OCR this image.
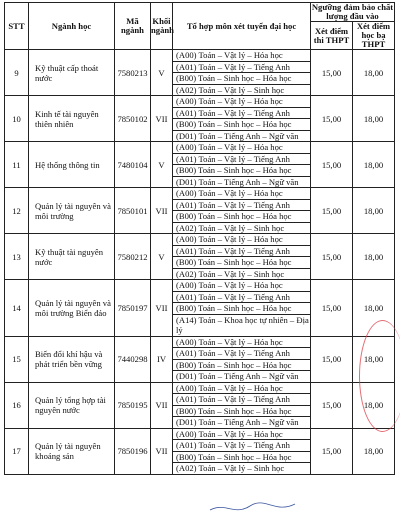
STT	Ngành học	Mã ngành	Khối ngành	Tổ hợp môn xét tuyển đại học	Ngưỡng đảm bảo chất lượng đầu vào	
					Xét điểm thi THPT	Xét điểm học bạ THPT
9	Kỹ thuật cấp thoát nước	7580213	V	(A00) Toán – Vật lý – Hóa học	15,00	18,00
				(A01) Toán – Vật lý – Tiếng Anh		
				(B00) Toán – Sinh học – Hóa học		
				(A02) Toán – Vật lý – Sinh học		
10	Kinh tế tài nguyên thiên nhiên	7850102	VII	(A00) Toán – Vật lý – Hóa học	15,00	18,00
				(A01) Toán – Vật lý – Tiếng Anh		
				(B00) Toán – Sinh học – Hóa học		
				(D01) Toán – Tiếng Anh – Ngữ văn		
11	Hệ thống thông tin	7480104	V	(A00) Toán – Vật lý – Hóa học	15,00	18,00
				(A01) Toán – Vật lý – Tiếng Anh		
				(B00) Toán – Sinh học – Hóa học		
				(D01) Toán – Tiếng Anh – Ngữ văn		
12	Quản lý tài nguyên và môi trường	7850101	VII	(A00) Toán – Vật lý – Hóa học	15,00	18,00
				(A01) Toán – Vật lý – Tiếng Anh		
				(B00) Toán – Sinh học – Hóa học		
				(A02) Toán – Vật lý – Sinh học		
13	Kỹ thuật tài nguyên nước	7580212	V	(A00) Toán – Vật lý – Hóa học	15,00	18,00
				(A01) Toán – Vật lý – Tiếng Anh		
				(B00) Toán – Sinh học – Hóa học		
				(A02) Toán – Vật lý – Sinh học		
14	Quản lý tài nguyên và môi trường Biển đảo	7850197	VII	(A00) Toán – Vật lý – Hóa học	15,00	18,00
				(A01) Toán – Vật lý – Tiếng Anh		
				(B00) Toán – Sinh học – Hóa học		
				(A14) Toán – Khoa học tự nhiên – Địa lý		
15	Biến đổi khí hậu và phát triển bền vững	7440298	IV	(A00) Toán – Vật lý – Hóa học	15,00	18,00
				(A01) Toán – Vật lý – Tiếng Anh		
				(B00) Toán – Sinh học – Hóa học		
				(D01) Toán – Tiếng Anh – Ngữ văn		
16	Quản lý tổng hợp tài nguyên nước	7850195	VII	(A00) Toán – Vật lý – Hóa học	15,00	18,00
				(A01) Toán – Vật lý – Tiếng Anh		
				(B00) Toán – Sinh học – Hóa học		
				(D01) Toán – Tiếng Anh – Ngữ văn		
17	Quản lý tài nguyên khoáng sản	7850196	VII	(A00) Toán – Vật lý – Hóa học	15,00	18,00
				(A01) Toán – Vật lý – Tiếng Anh		
				(B00) Toán – Sinh học – Hóa học		
				(A02) Toán – Vật lý – Sinh học		
